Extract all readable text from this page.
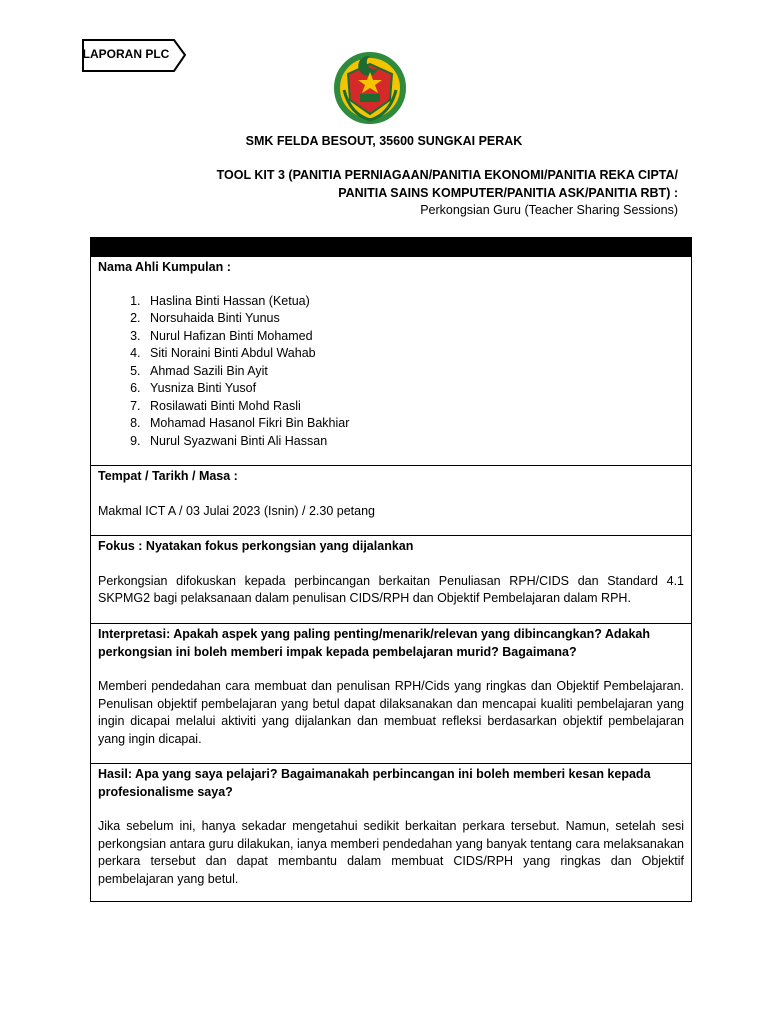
LAPORAN PLC
SMK FELDA BESOUT, 35600 SUNGKAI PERAK
TOOL KIT 3 (PANITIA PERNIAGAAN/PANITIA EKONOMI/PANITIA REKA CIPTA/
PANITIA SAINS KOMPUTER/PANITIA ASK/PANITIA RBT) :
Perkongsian Guru (Teacher Sharing Sessions)
Nama Ahli Kumpulan :
1. Haslina Binti Hassan (Ketua)
2. Norsuhaida Binti Yunus
3. Nurul Hafizan Binti Mohamed
4. Siti Noraini Binti Abdul Wahab
5. Ahmad Sazili Bin Ayit
6. Yusniza Binti Yusof
7. Rosilawati Binti Mohd Rasli
8. Mohamad Hasanol Fikri Bin Bakhiar
9. Nurul Syazwani Binti Ali Hassan
Tempat / Tarikh / Masa :

Makmal ICT A / 03 Julai 2023 (Isnin) / 2.30 petang

Fokus : Nyatakan fokus perkongsian yang dijalankan

Perkongsian difokuskan kepada perbincangan berkaitan Penuliasan RPH/CIDS dan Standard 4.1 SKPMG2 bagi pelaksanaan dalam penulisan CIDS/RPH dan Objektif Pembelajaran dalam RPH.

Interpretasi: Apakah aspek yang paling penting/menarik/relevan yang dibincangkan? Adakah perkongsian ini boleh memberi impak kepada pembelajaran murid? Bagaimana?

Memberi pendedahan cara membuat dan penulisan RPH/Cids yang ringkas dan Objektif Pembelajaran. Penulisan objektif pembelajaran yang betul dapat dilaksanakan dan mencapai kualiti pembelajaran yang ingin dicapai melalui aktiviti yang dijalankan dan membuat refleksi berdasarkan objektif pembelajaran yang ingin dicapai.

Hasil: Apa yang saya pelajari? Bagaimanakah perbincangan ini boleh memberi kesan kepada profesionalisme saya?

Jika sebelum ini, hanya sekadar mengetahui sedikit berkaitan perkara tersebut. Namun, setelah sesi perkongsian antara guru dilakukan, ianya memberi pendedahan yang banyak tentang cara melaksanakan perkara tersebut dan dapat membantu dalam membuat CIDS/RPH yang ringkas dan Objektif pembelajaran yang betul.
